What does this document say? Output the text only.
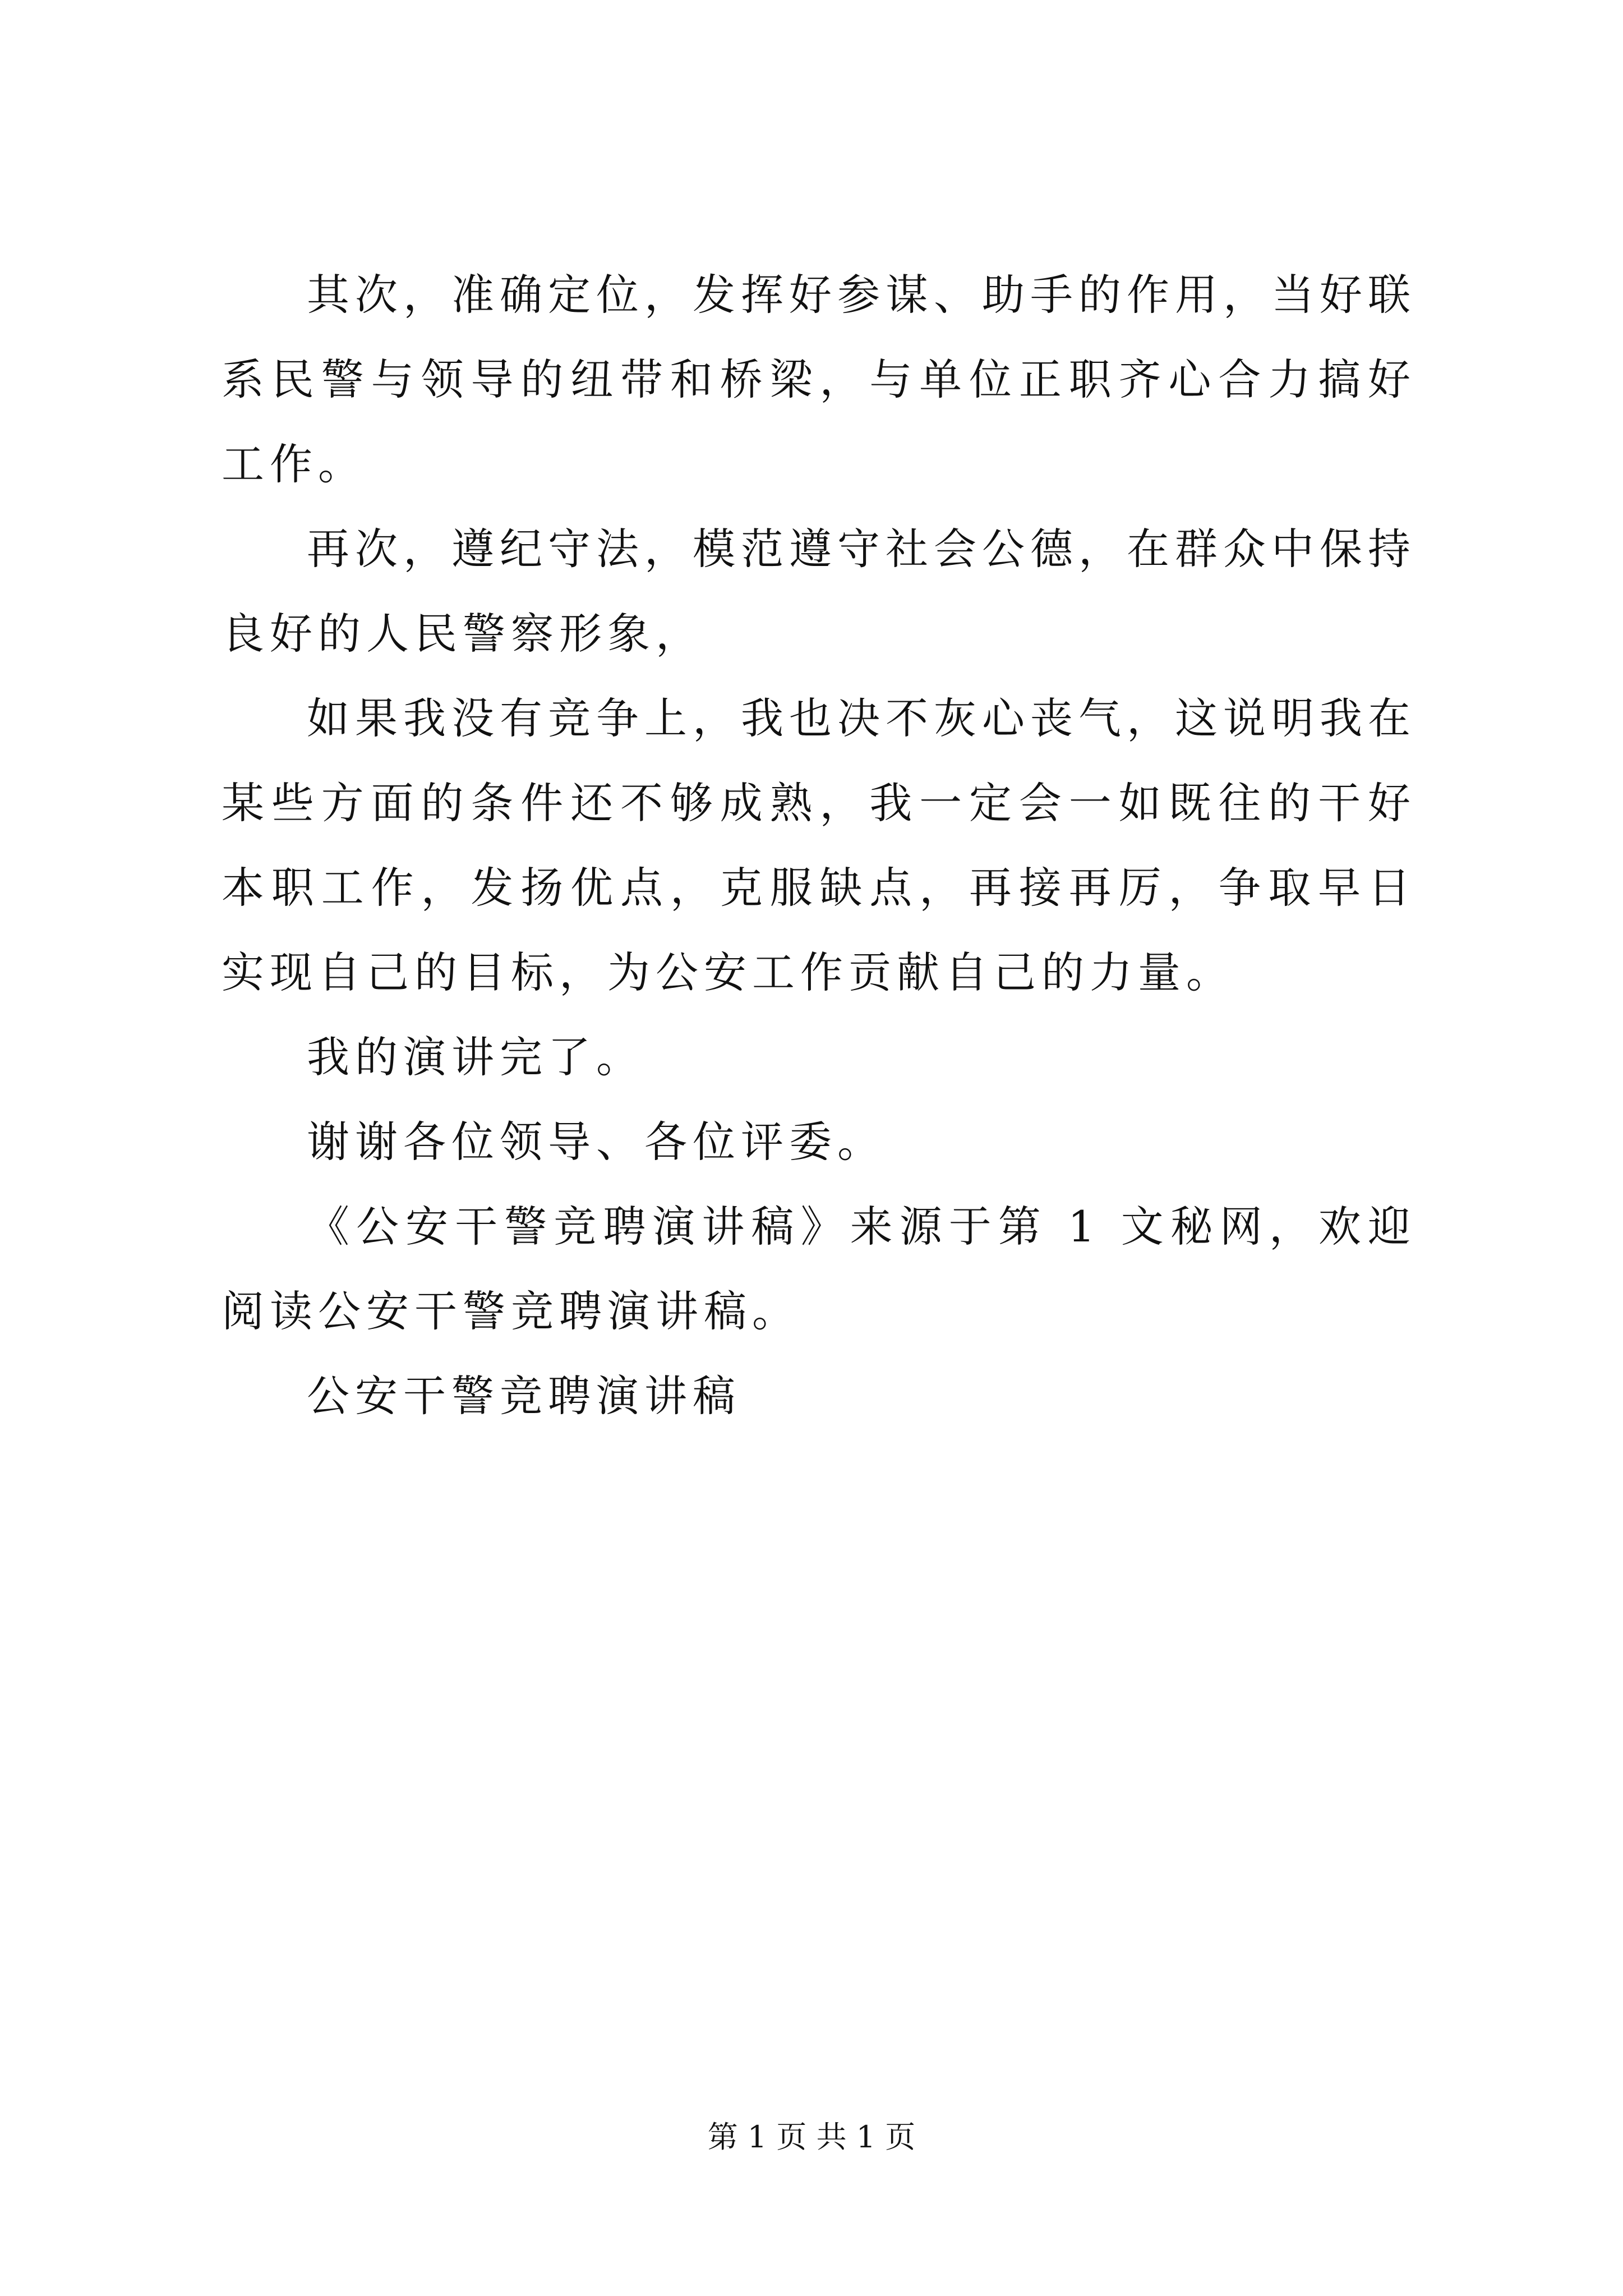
其次，准确定位，发挥好参谋、助手的作用，当好联系民警与领导的纽带和桥梁，与单位正职齐心合力搞好工作。

再次，遵纪守法，模范遵守社会公德，在群众中保持良好的人民警察形象，

如果我没有竞争上，我也决不灰心丧气，这说明我在某些方面的条件还不够成熟，我一定会一如既往的干好本职工作，发扬优点，克服缺点，再接再厉，争取早日实现自己的目标，为公安工作贡献自己的力量。

我的演讲完了。

谢谢各位领导、各位评委。

《公安干警竞聘演讲稿》来源于第 1 文秘网，欢迎阅读公安干警竞聘演讲稿。

公安干警竞聘演讲稿

第 1 页 共 1 页
